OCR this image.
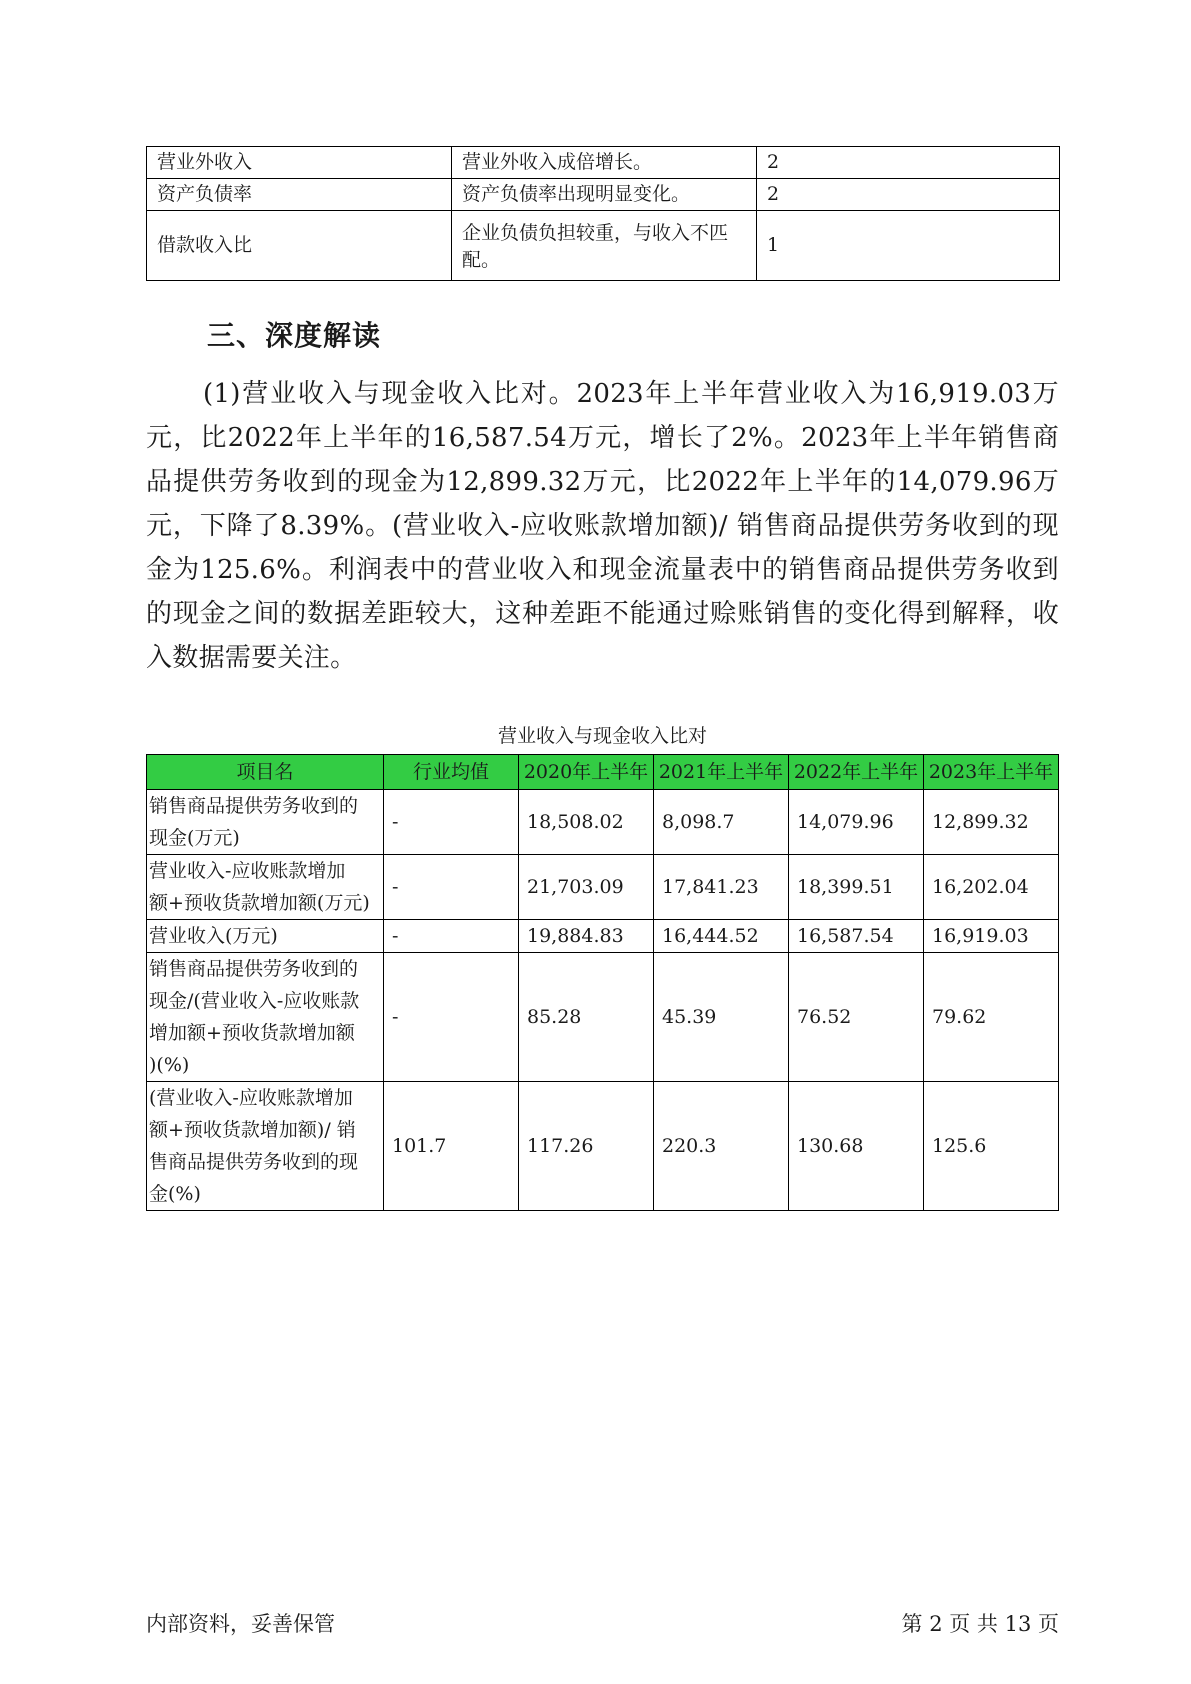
营业外收入	营业外收入成倍增长。	2
资产负债率	资产负债率出现明显变化。	2
借款收入比	企业负债负担较重，与收入不匹配。	1
三、深度解读

(1)营业收入与现金收入比对。2023年上半年营业收入为16,919.03万元，比2022年上半年的16,587.54万元，增长了2%。2023年上半年销售商品提供劳务收到的现金为12,899.32万元，比2022年上半年的14,079.96万元，下降了8.39%。(营业收入-应收账款增加额)/ 销售商品提供劳务收到的现金为125.6%。利润表中的营业收入和现金流量表中的销售商品提供劳务收到的现金之间的数据差距较大，这种差距不能通过赊账销售的变化得到解释，收入数据需要关注。

营业收入与现金收入比对
项目名	行业均值	2020年上半年	2021年上半年	2022年上半年	2023年上半年

销售商品提供劳务收到的
现金(万元)	-	18,508.02	8,098.7	14,079.96	12,899.32

营业收入-应收账款增加
额+预收货款增加额(万元)	-	21,703.09	17,841.23	18,399.51	16,202.04

营业收入(万元)	-	19,884.83	16,444.52	16,587.54	16,919.03

销售商品提供劳务收到的
现金/(营业收入-应收账款
增加额+预收货款增加额
)(%)	-	85.28	45.39	76.52	79.62

(营业收入-应收账款增加
额+预收货款增加额)/ 销
售商品提供劳务收到的现
金(%)	101.7	117.26	220.3	130.68	125.6
内部资料，妥善保管	第 2 页 共 13 页
